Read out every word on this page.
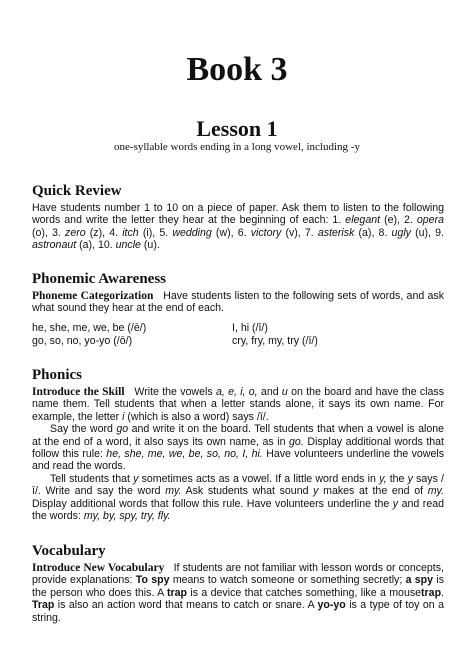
Book 3
Lesson 1
one-syllable words ending in a long vowel, including -y
Quick Review

Have students number 1 to 10 on a piece of paper. Ask them to listen to the following words and write the letter they hear at the beginning of each: 1. elegant (e), 2. opera (o), 3. zero (z), 4. itch (i), 5. wedding (w), 6. victory (v), 7. asterisk (a), 8. ugly (u), 9. astronaut (a), 10. uncle (u).

Phonemic Awareness

Phoneme Categorization Have students listen to the following sets of words, and ask what sound they hear at the end of each.

he, she, me, we, be (/ē/)	I, hi (/ī/)
go, so, no, yo-yo (/ō/)	cry, fry, my, try (/ī/)
Phonics

Introduce the Skill Write the vowels a, e, i, o, and u on the board and have the class name them. Tell students that when a letter stands alone, it says its own name. For example, the letter i (which is also a word) says /ī/.

Say the word go and write it on the board. Tell students that when a vowel is alone at the end of a word, it also says its own name, as in go. Display additional words that follow this rule: he, she, me, we, be, so, no, I, hi. Have volunteers underline the vowels and read the words.

Tell students that y sometimes acts as a vowel. If a little word ends in y, the y says /ī/. Write and say the word my. Ask students what sound y makes at the end of my. Display additional words that follow this rule. Have volunteers underline the y and read the words: my, by, spy, try, fly.

Vocabulary

Introduce New Vocabulary If students are not familiar with lesson words or concepts, provide explanations: To spy means to watch someone or something secretly; a spy is the person who does this. A trap is a device that catches something, like a mousetrap. Trap is also an action word that means to catch or snare. A yo-yo is a type of toy on a string.
